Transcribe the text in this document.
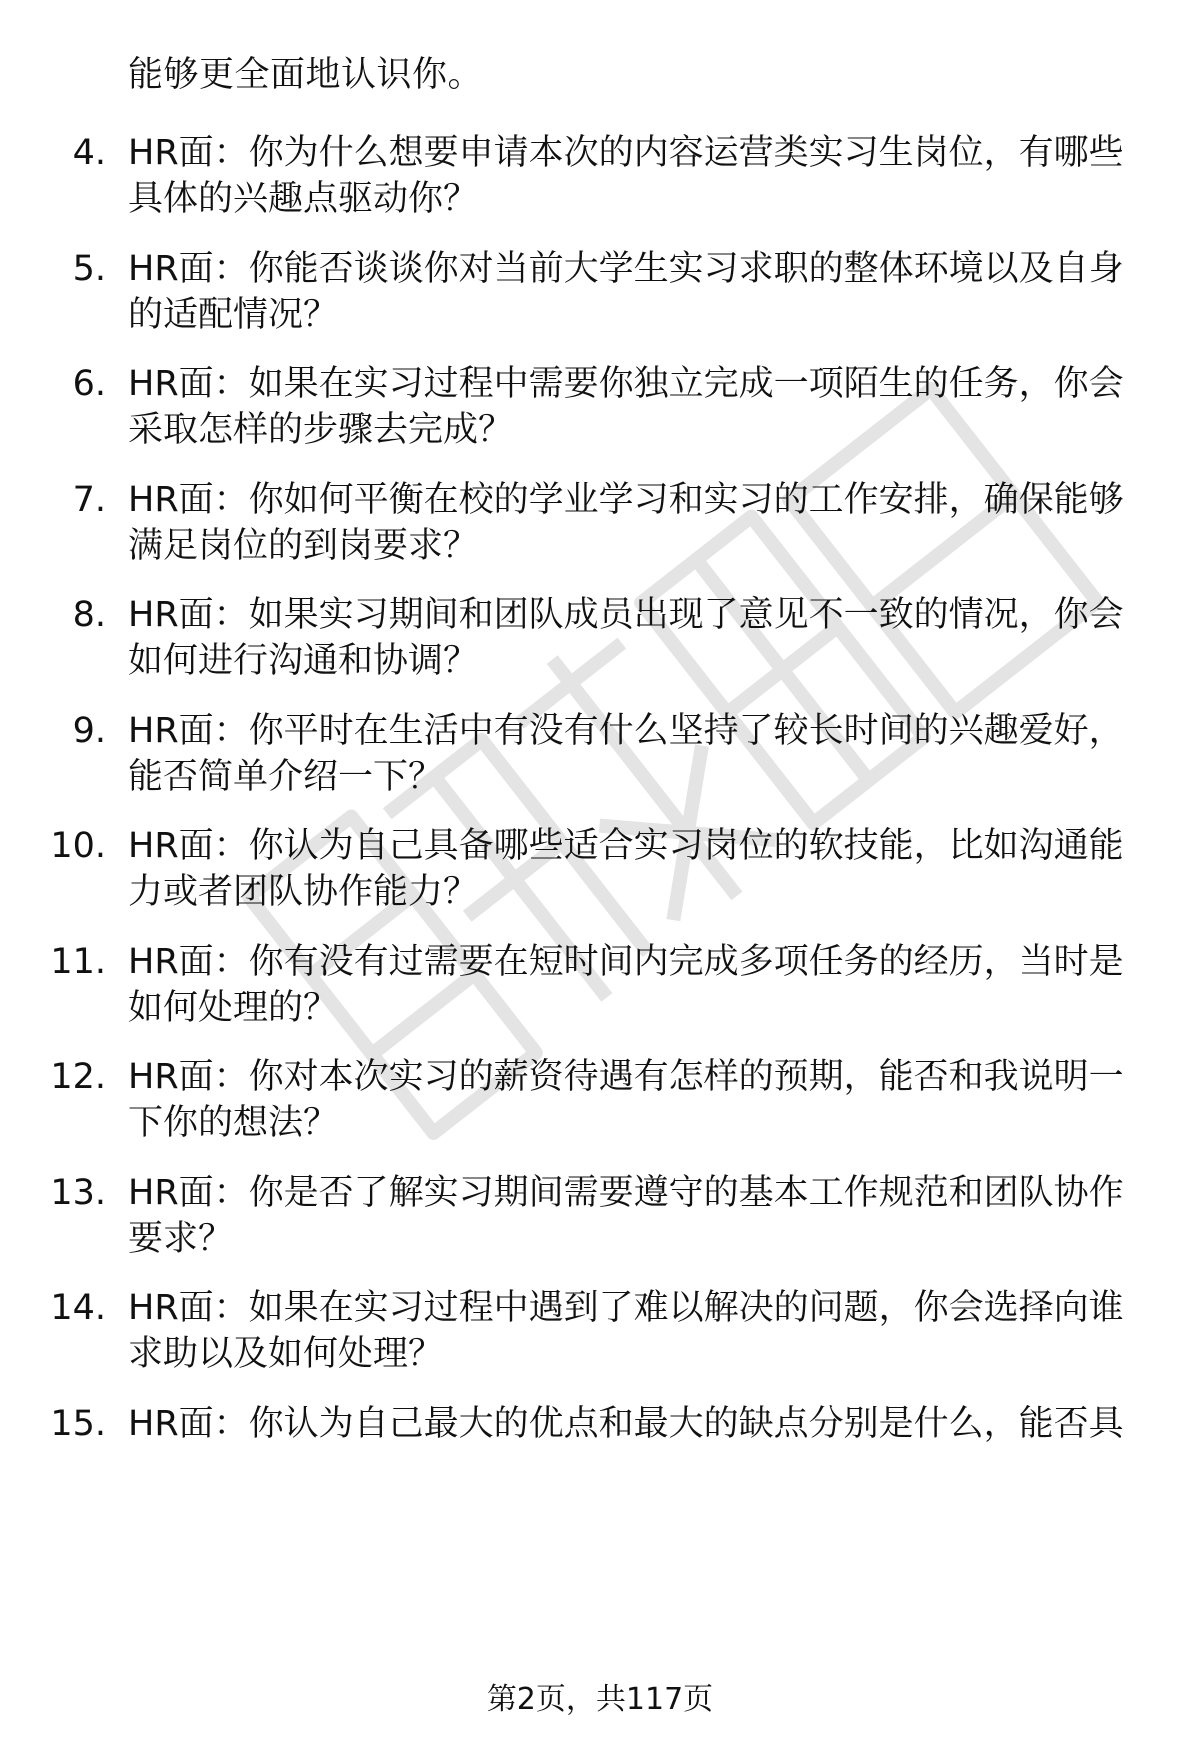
能够更全面地认识你。
4. HR面：你为什么想要申请本次的内容运营类实习生岗位，有哪些
具体的兴趣点驱动你？
5. HR面：你能否谈谈你对当前大学生实习求职的整体环境以及自身
的适配情况？
6. HR面：如果在实习过程中需要你独立完成一项陌生的任务，你会
采取怎样的步骤去完成？
7. HR面：你如何平衡在校的学业学习和实习的工作安排，确保能够
满足岗位的到岗要求？
8. HR面：如果实习期间和团队成员出现了意见不一致的情况，你会
如何进行沟通和协调？
9. HR面：你平时在生活中有没有什么坚持了较长时间的兴趣爱好，
能否简单介绍一下？
10. HR面：你认为自己具备哪些适合实习岗位的软技能，比如沟通能
力或者团队协作能力？
11. HR面：你有没有过需要在短时间内完成多项任务的经历，当时是
如何处理的？
12. HR面：你对本次实习的薪资待遇有怎样的预期，能否和我说明一
下你的想法？
13. HR面：你是否了解实习期间需要遵守的基本工作规范和团队协作
要求？
14. HR面：如果在实习过程中遇到了难以解决的问题，你会选择向谁
求助以及如何处理？
15. HR面：你认为自己最大的优点和最大的缺点分别是什么，能否具
第2页，共117页
